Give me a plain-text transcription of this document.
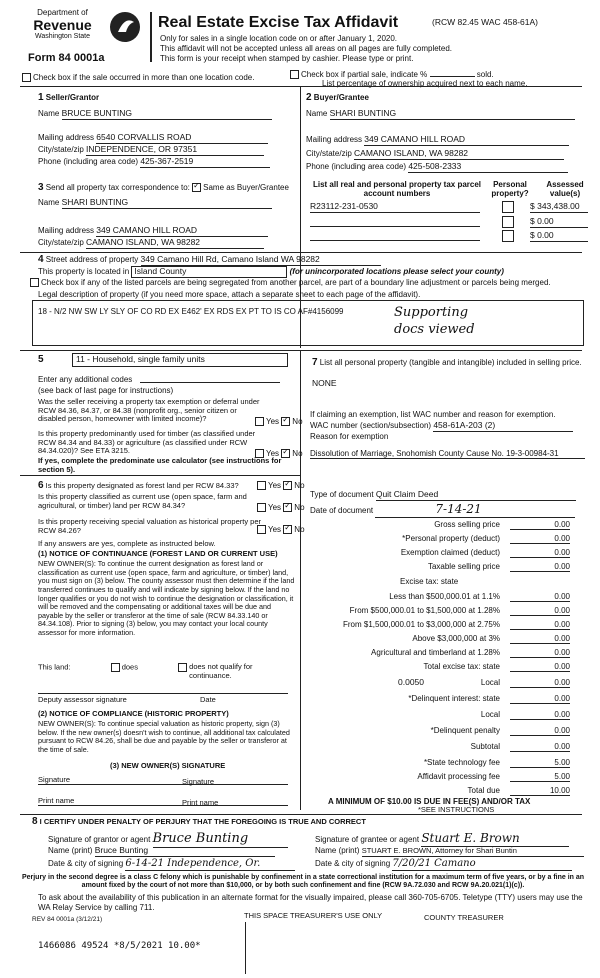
Department of
Revenue
Washington State
Form 84 0001a
Real Estate Excise Tax Affidavit	(RCW 82.45 WAC 458-61A)
Only for sales in a single location code on or after January 1, 2020.
This affidavit will not be accepted unless all areas on all pages are fully completed.
This form is your receipt when stamped by cashier. Please type or print.
Check box if the sale occurred in more than one location code.	Check box if partial sale, indicate %	sold.
List percentage of ownership acquired next to each name.
1 Seller/Grantor
Name BRUCE BUNTING
Mailing address 6540 CORVALLIS ROAD
City/state/zip INDEPENDENCE, OR 97351
Phone (including area code) 425-367-2519
2 Buyer/Grantee
Name SHARI BUNTING
Mailing address 349 CAMANO HILL ROAD
City/state/zip CAMANO ISLAND, WA 98282
Phone (including area code) 425-508-2333
3 Send all property tax correspondence to: ✓ Same as Buyer/Grantee
Name SHARI BUNTING
Mailing address 349 CAMANO HILL ROAD
City/state/zip CAMANO ISLAND, WA 98282
List all real and personal property tax parcel account numbers
Personal property?
Assessed value(s)
R23112-231-0530	$ 343,438.00
$ 0.00
$ 0.00
4 Street address of property 349 Camano Hill Rd, Camano Island WA 98282
This property is located in Island County	(for unincorporated locations please select your county)
Check box if any of the listed parcels are being segregated from another parcel, are part of a boundary line adjustment or parcels being merged.
Legal description of property (if you need more space, attach a separate sheet to each page of the affidavit).
18 - N/2 NW SW LY SLY OF CO RD EX E462' EX RDS EX PT TO IS CO AF#4156099	Supporting docs viewed
5	11 - Household, single family units
Enter any additional codes
(see back of last page for instructions)
Was the seller receiving a property tax exemption or deferral under RCW 84.36, 84.37, or 84.38 (nonprofit org., senior citizen or disabled person, homeowner with limited income)?	Yes ✓ No
Is this property predominantly used for timber (as classified under RCW 84.34 and 84.33) or agriculture (as classified under RCW 84.34.020)? See ETA 3215.	Yes ✓ No
If yes, complete the predominate use calculator (see instructions for section 5).
6 Is this property designated as forest land per RCW 84.33?	Yes ✓ No
Is this property classified as current use (open space, farm and agricultural, or timber) land per RCW 84.34?	Yes ✓ No
Is this property receiving special valuation as historical property per RCW 84.26?	Yes ✓ No
If any answers are yes, complete as instructed below.
(1) NOTICE OF CONTINUANCE (FOREST LAND OR CURRENT USE)
NEW OWNER(S): To continue the current designation as forest land or classification as current use (open space, farm and agriculture, or timber) land, you must sign on (3) below. The county assessor must then determine if the land transferred continues to qualify and will indicate by signing below. If the land no longer qualifies or you do not wish to continue the designation or classification, it will be removed and the compensating or additional taxes will be due and payable by the seller or transferor at the time of sale (RCW 84.33.140 or 84.34.108). Prior to signing (3) below, you may contact your local county assessor for more information.
This land:	does	does not qualify for continuance.
Deputy assessor signature	Date
(2) NOTICE OF COMPLIANCE (HISTORIC PROPERTY)
NEW OWNER(S): To continue special valuation as historic property, sign (3) below. If the new owner(s) doesn't wish to continue, all additional tax calculated pursuant to RCW 84.26, shall be due and payable by the seller or transferor at the time of sale.
(3) NEW OWNER(S) SIGNATURE
Signature	Signature
Print name	Print name
7 List all personal property (tangible and intangible) included in selling price.
NONE
If claiming an exemption, list WAC number and reason for exemption.
WAC number (section/subsection) 458-61A-203 (2)
Reason for exemption
Dissolution of Marriage, Snohomish County Cause No. 19-3-00984-31
Type of document Quit Claim Deed
Date of document	7-14-21
Gross selling price	0.00
*Personal property (deduct)	0.00
Exemption claimed (deduct)	0.00
Taxable selling price	0.00
Excise tax: state
Less than $500,000.01 at 1.1%	0.00
From $500,000.01 to $1,500,000 at 1.28%	0.00
From $1,500,000.01 to $3,000,000 at 2.75%	0.00
Above $3,000,000 at 3%	0.00
Agricultural and timberland at 1.28%	0.00
Total excise tax: state	0.00
0.0050	Local	0.00
*Delinquent interest: state	0.00
Local	0.00
*Delinquent penalty	0.00
Subtotal	0.00
*State technology fee	5.00
Affidavit processing fee	5.00
Total due	10.00
A MINIMUM OF $10.00 IS DUE IN FEE(S) AND/OR TAX
*SEE INSTRUCTIONS
8 I CERTIFY UNDER PENALTY OF PERJURY THAT THE FOREGOING IS TRUE AND CORRECT
Signature of grantor or agent Bruce Bunting
Name (print) Bruce Bunting
Date & city of signing 6-14-21 Independence, Or.
Signature of grantee or agent Stuart E. Brown
Name (print) STUART E. BROWN, Attorney for Shari Buntin
Date & city of signing 7/20/21 Camano
Perjury in the second degree is a class C felony which is punishable by confinement in a state correctional institution for a maximum term of five years, or by a fine in an amount fixed by the court of not more than $10,000, or by both such confinement and fine (RCW 9A.72.030 and RCW 9A.20.021(1)(c)).
To ask about the availability of this publication in an alternate format for the visually impaired, please call 360-705-6705. Teletype (TTY) users may use the WA Relay Service by calling 711.
REV 84 0001a (3/12/21)	THIS SPACE TREASURER'S USE ONLY	COUNTY TREASURER
1466086 49524 *8/5/2021 10.00*
